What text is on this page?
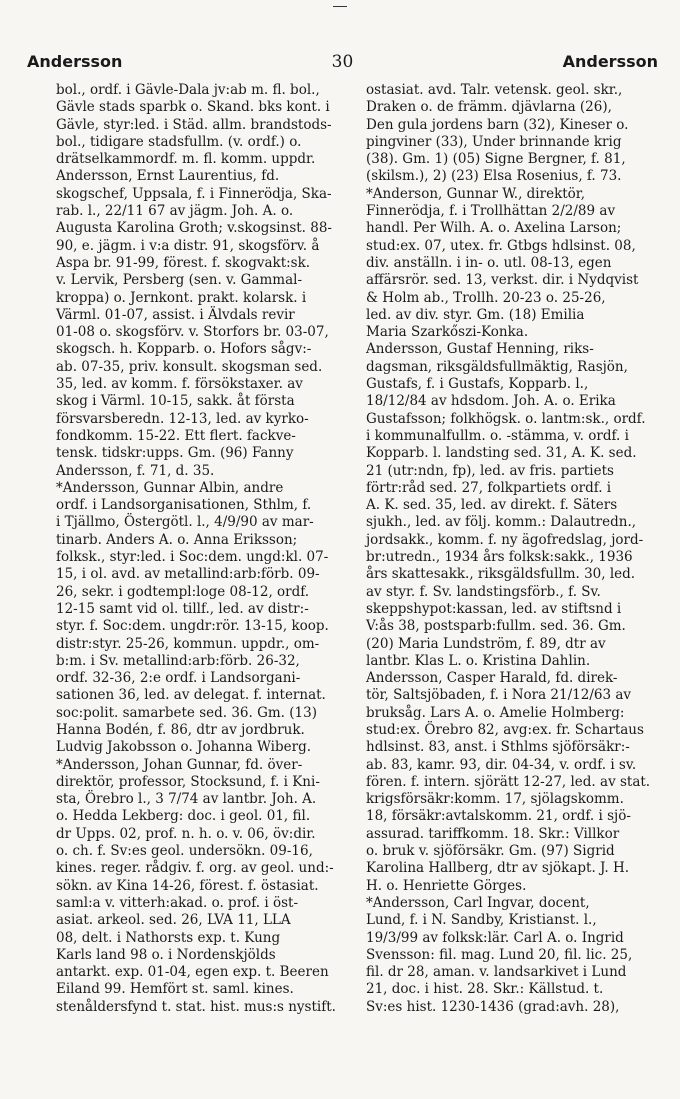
Andersson	30	Andersson
bol., ordf. i Gävle-Dala jv:ab m. fl. bol.,
Gävle stads sparbk o. Skand. bks kont. i
Gävle, styr:led. i Städ. allm. brandstods-
bol., tidigare stadsfullm. (v. ordf.) o.
drätselkammordf. m. fl. komm. uppdr.
Andersson, Ernst Laurentius, fd.
skogschef, Uppsala, f. i Finnerödja, Ska-
rab. l., 22/11 67 av jägm. Joh. A. o.
Augusta Karolina Groth; v.skogsinst. 88-
90, e. jägm. i v:a distr. 91, skogsförv. å
Aspa br. 91-99, förest. f. skogvakt:sk.
v. Lervik, Persberg (sen. v. Gammal-
kroppa) o. Jernkont. prakt. kolarsk. i
Värml. 01-07, assist. i Älvdals revir
01-08 o. skogsförv. v. Storfors br. 03-07,
skogsch. h. Kopparb. o. Hofors sågv:-
ab. 07-35, priv. konsult. skogsman sed.
35, led. av komm. f. försökstaxer. av
skog i Värml. 10-15, sakk. åt första
försvarsberedn. 12-13, led. av kyrko-
fondkomm. 15-22. Ett flert. fackve-
tensk. tidskr:upps. Gm. (96) Fanny
Andersson, f. 71, d. 35.
*Andersson, Gunnar Albin, andre
ordf. i Landsorganisationen, Sthlm, f.
i Tjällmo, Östergötl. l., 4/9/90 av mar-
tinarb. Anders A. o. Anna Eriksson;
folksk., styr:led. i Soc:dem. ungd:kl. 07-
15, i ol. avd. av metallind:arb:förb. 09-
26, sekr. i godtempl:loge 08-12, ordf.
12-15 samt vid ol. tillf., led. av distr:-
styr. f. Soc:dem. ungdr:rör. 13-15, koop.
distr:styr. 25-26, kommun. uppdr., om-
b:m. i Sv. metallind:arb:förb. 26-32,
ordf. 32-36, 2:e ordf. i Landsorgani-
sationen 36, led. av delegat. f. internat.
soc:polit. samarbete sed. 36. Gm. (13)
Hanna Bodén, f. 86, dtr av jordbruk.
Ludvig Jakobsson o. Johanna Wiberg.
*Andersson, Johan Gunnar, fd. över-
direktör, professor, Stocksund, f. i Kni-
sta, Örebro l., 3 7/74 av lantbr. Joh. A.
o. Hedda Lekberg: doc. i geol. 01, fil.
dr Upps. 02, prof. n. h. o. v. 06, öv:dir.
o. ch. f. Sv:es geol. undersökn. 09-16,
kines. reger. rådgiv. f. org. av geol. und:-
sökn. av Kina 14-26, förest. f. östasiat.
saml:a v. vitterh:akad. o. prof. i öst-
asiat. arkeol. sed. 26, LVA 11, LLA
08, delt. i Nathorsts exp. t. Kung
Karls land 98 o. i Nordenskjölds
antarkt. exp. 01-04, egen exp. t. Beeren
Eiland 99. Hemfört st. saml. kines.
stenåldersfynd t. stat. hist. mus:s nystift.
ostasiat. avd. Talr. vetensk. geol. skr.,
Draken o. de främm. djävlarna (26),
Den gula jordens barn (32), Kineser o.
pingviner (33), Under brinnande krig
(38). Gm. 1) (05) Signe Bergner, f. 81,
(skilsm.), 2) (23) Elsa Rosenius, f. 73.
*Anderson, Gunnar W., direktör,
Finnerödja, f. i Trollhättan 2/2/89 av
handl. Per Wilh. A. o. Axelina Larson;
stud:ex. 07, utex. fr. Gtbgs hdlsinst. 08,
div. anställn. i in- o. utl. 08-13, egen
affärsrör. sed. 13, verkst. dir. i Nydqvist
& Holm ab., Trollh. 20-23 o. 25-26,
led. av div. styr. Gm. (18) Emilia
Maria Szarkőszi-Konka.
Andersson, Gustaf Henning, riks-
dagsman, riksgäldsfullmäktig, Rasjön,
Gustafs, f. i Gustafs, Kopparb. l.,
18/12/84 av hdsdom. Joh. A. o. Erika
Gustafsson; folkhögsk. o. lantm:sk., ordf.
i kommunalfullm. o. -stämma, v. ordf. i
Kopparb. l. landsting sed. 31, A. K. sed.
21 (utr:ndn, fp), led. av fris. partiets
förtr:råd sed. 27, folkpartiets ordf. i
A. K. sed. 35, led. av direkt. f. Säters
sjukh., led. av följ. komm.: Dalautredn.,
jordsakk., komm. f. ny ägofredslag, jord-
br:utredn., 1934 års folksk:sakk., 1936
års skattesakk., riksgäldsfullm. 30, led.
av styr. f. Sv. landstingsförb., f. Sv.
skeppshypot:kassan, led. av stiftsnd i
V:ås 38, postsparb:fullm. sed. 36. Gm.
(20) Maria Lundström, f. 89, dtr av
lantbr. Klas L. o. Kristina Dahlin.
Andersson, Casper Harald, fd. direk-
tör, Saltsjöbaden, f. i Nora 21/12/63 av
bruksåg. Lars A. o. Amelie Holmberg:
stud:ex. Örebro 82, avg:ex. fr. Schartaus
hdlsinst. 83, anst. i Sthlms sjöförsäkr:-
ab. 83, kamr. 93, dir. 04-34, v. ordf. i sv.
fören. f. intern. sjörätt 12-27, led. av stat.
krigsförsäkr:komm. 17, sjölagskomm.
18, försäkr:avtalskomm. 21, ordf. i sjö-
assurad. tariffkomm. 18. Skr.: Villkor
o. bruk v. sjöförsäkr. Gm. (97) Sigrid
Karolina Hallberg, dtr av sjökapt. J. H.
H. o. Henriette Görges.
*Andersson, Carl Ingvar, docent,
Lund, f. i N. Sandby, Kristianst. l.,
19/3/99 av folksk:lär. Carl A. o. Ingrid
Svensson: fil. mag. Lund 20, fil. lic. 25,
fil. dr 28, aman. v. landsarkivet i Lund
21, doc. i hist. 28. Skr.: Källstud. t.
Sv:es hist. 1230-1436 (grad:avh. 28),
